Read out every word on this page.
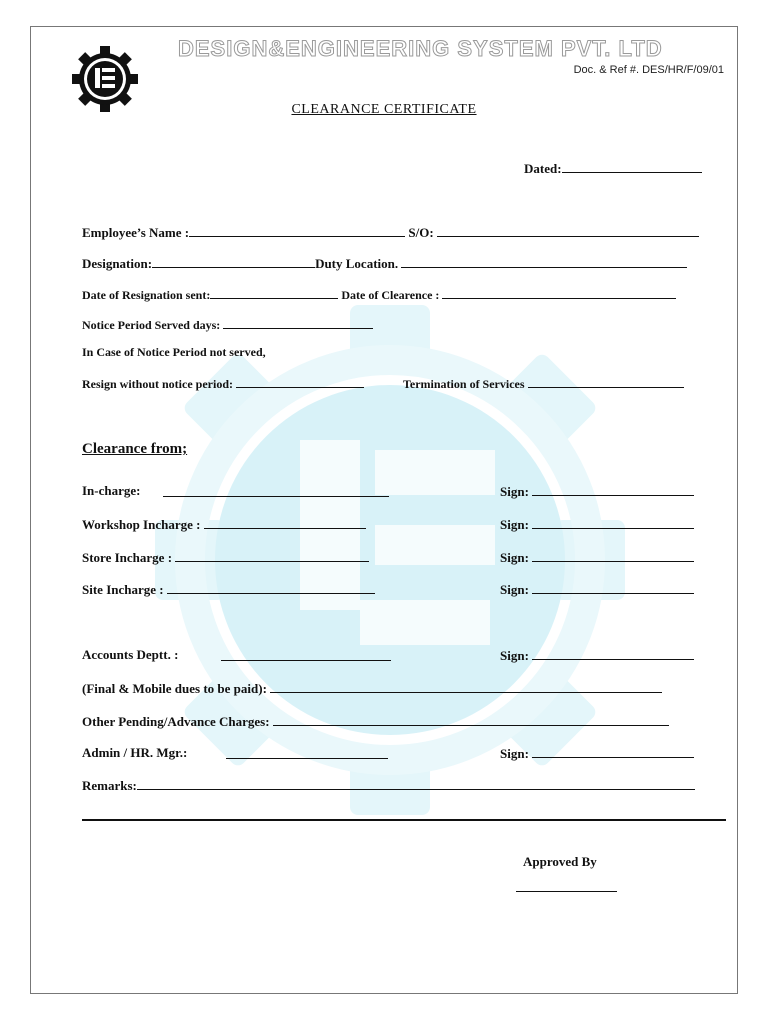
DESIGN&ENGINEERING SYSTEM PVT. LTD
Doc. & Ref #. DES/HR/F/09/01
CLEARANCE CERTIFICATE
Dated:
Employee’s Name :	S/O:
Designation:	Duty Location.
Date of Resignation sent:	Date of Clearence :
Notice Period Served days:
In Case of Notice Period not served,
Resign without notice period:	Termination of Services
Clearance from;
In-charge:	Sign:
Workshop Incharge :	Sign:
Store Incharge :	Sign:
Site Incharge :	Sign:
Accounts Deptt. :	Sign:
(Final & Mobile dues to be paid):
Other Pending/Advance Charges:
Admin / HR. Mgr.:	Sign:
Remarks:
Approved By
